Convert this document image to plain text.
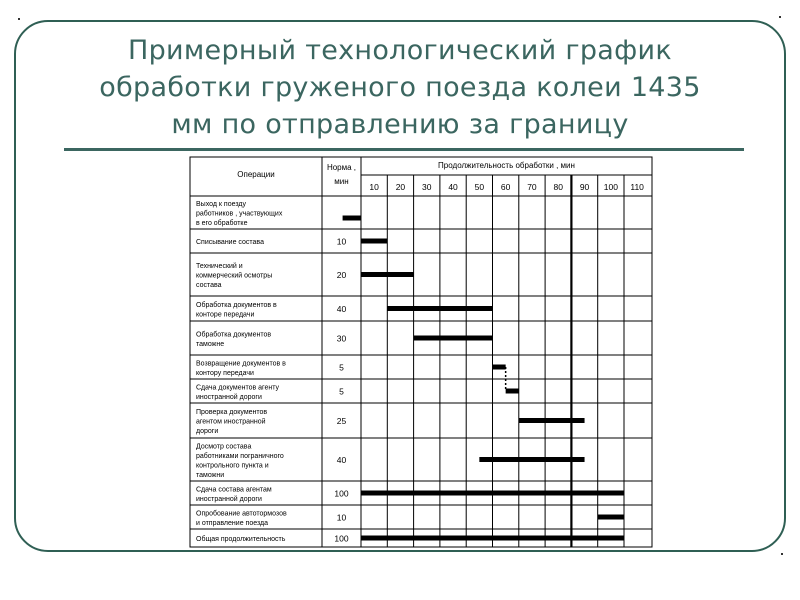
Примерный технологический график
обработки груженого поезда колеи 1435
мм по отправлению за границу
Операции
Норма ,
мин
Продолжительность обработки , мин
10 20 30 40 50 60 70 80 90 100 110
Выход к поезду
работников , участвующих
в его обработке
Списывание состава	10
Технический и
коммерческий осмотры
состава
20
Обработка документов в
конторе передачи
40
Обработка документов
таможне
30
Возвращение документов в
контору передачи
5
Сдача документов агенту
иностранной дороги
5
Проверка документов
агентом иностранной
дороги
25
Досмотр состава
работниками пограничного
контрольного пункта и
таможни
40
Сдача состава агентам
иностранной дороги
100
Опробование автотормозов
и отправление поезда
10
Общая продолжительность	100
